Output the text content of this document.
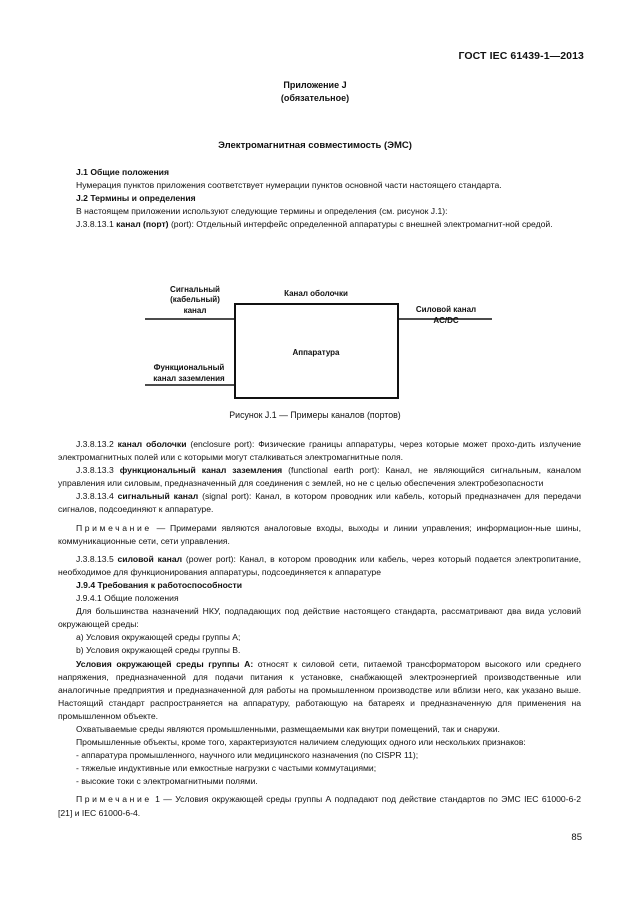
ГОСТ IEC 61439-1—2013
Приложение J
(обязательное)
Электромагнитная совместимость (ЭМС)
J.1 Общие положения

Нумерация пунктов приложения соответствует нумерации пунктов основной части настоящего стандарта.

J.2 Термины и определения

В настоящем приложении используют следующие термины и определения (см. рисунок J.1):

J.3.8.13.1 канал (порт) (port): Отдельный интерфейс определенной аппаратуры с внешней электромагнит-ной средой.

Сигнальный
(кабельный)
канал
Канал оболочки
Силовой канал
AC/DC
Аппаратура
Функциональный
канал заземления
Рисунок J.1 — Примеры каналов (портов)

J.3.8.13.2 канал оболочки (enclosure port): Физические границы аппаратуры, через которые может прохо-дить излучение электромагнитных полей или с которыми могут сталкиваться электромагнитные поля.

J.3.8.13.3 функциональный канал заземления (functional earth port): Канал, не являющийся сигнальным, каналом управления или силовым, предназначенный для соединения с землей, но не с целью обеспечения электробезопасности

J.3.8.13.4 сигнальный канал (signal port): Канал, в котором проводник или кабель, который предназначен для передачи сигналов, подсоединяют к аппаратуре.

Примечание — Примерами являются аналоговые входы, выходы и линии управления; информацион-ные шины, коммуникационные сети, сети управления.

J.3.8.13.5 силовой канал (power port): Канал, в котором проводник или кабель, через который подается электропитание, необходимое для функционирования аппаратуры, подсоединяется к аппаратуре

J.9.4 Требования к работоспособности

J.9.4.1 Общие положения

Для большинства назначений НКУ, подпадающих под действие настоящего стандарта, рассматривают два вида условий окружающей среды:

а) Условия окружающей среды группы А;

b) Условия окружающей среды группы В.

Условия окружающей среды группы А: относят к силовой сети, питаемой трансформатором высокого или среднего напряжения, предназначенной для подачи питания к установке, снабжающей электроэнергией производственные или аналогичные предприятия и предназначенной для работы на промышленном производстве или вблизи него, как указано выше. Настоящий стандарт распространяется на аппаратуру, работающую на батареях и предназначенную для применения на промышленном объекте.

Охватываемые среды являются промышленными, размещаемыми как внутри помещений, так и снаружи.

Промышленные объекты, кроме того, характеризуются наличием следующих одного или нескольких признаков:

- аппаратура промышленного, научного или медицинского назначения (по CISPR 11);

- тяжелые индуктивные или емкостные нагрузки с частыми коммутациями;

- высокие токи с электромагнитными полями.

Примечание 1 — Условия окружающей среды группы А подпадают под действие стандартов по ЭМС IEC 61000-6-2 [21] и IEC 61000-6-4.

85
